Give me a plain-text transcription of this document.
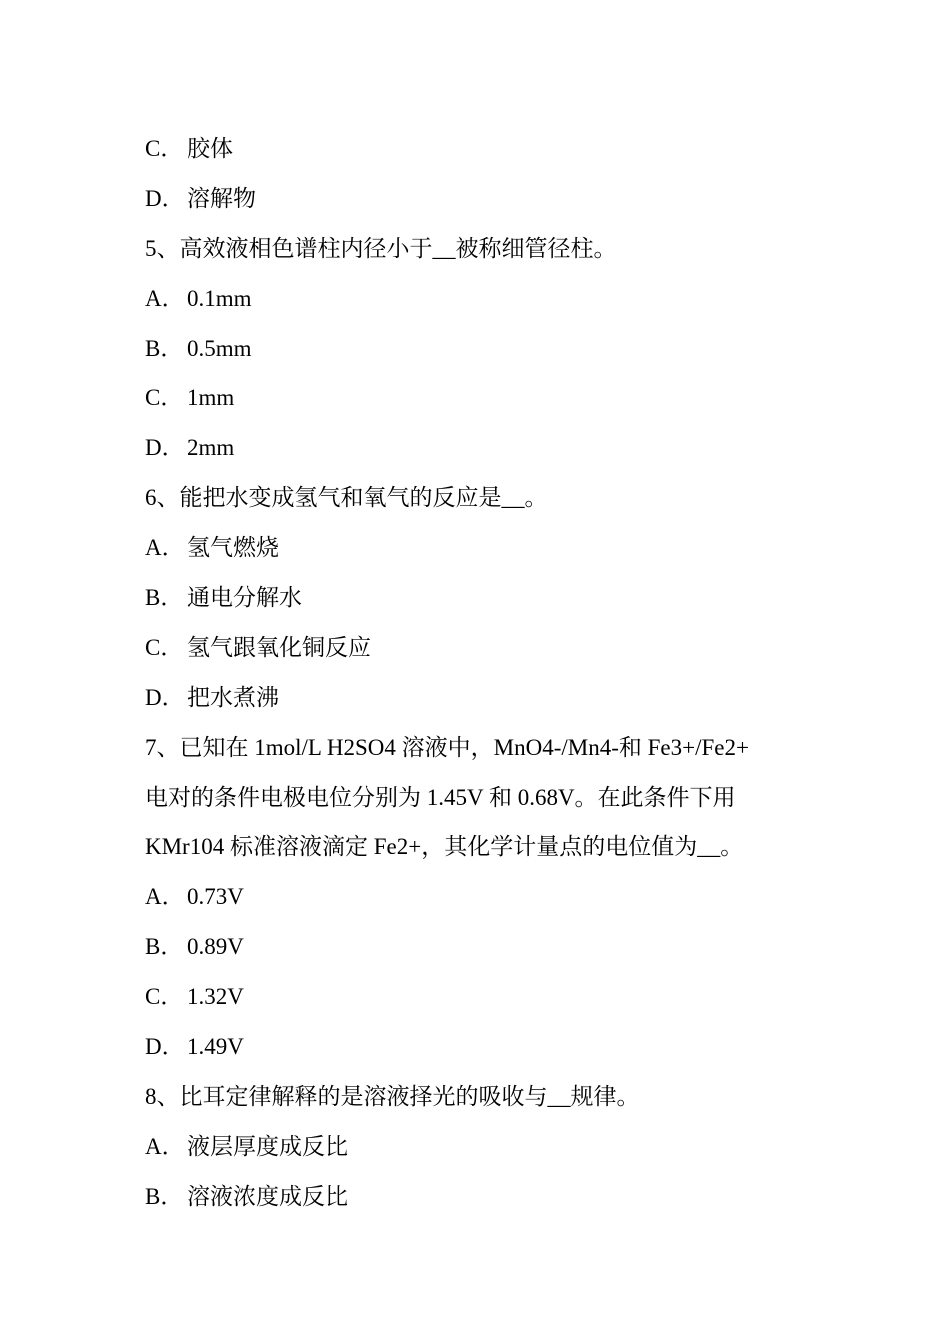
C． 胶体
D． 溶解物
5、高效液相色谱柱内径小于__被称细管径柱。
A． 0.1mm
B． 0.5mm
C． 1mm
D． 2mm
6、能把水变成氢气和氧气的反应是__。
A． 氢气燃烧
B． 通电分解水
C． 氢气跟氧化铜反应
D． 把水煮沸
7、已知在 1mol/L H2SO4 溶液中，MnO4-/Mn4-和 Fe3+/Fe2+
电对的条件电极电位分别为 1.45V 和 0.68V。在此条件下用
KMr104 标准溶液滴定 Fe2+，其化学计量点的电位值为__。
A． 0.73V
B． 0.89V
C． 1.32V
D． 1.49V
8、比耳定律解释的是溶液择光的吸收与__规律。
A． 液层厚度成反比
B． 溶液浓度成反比
